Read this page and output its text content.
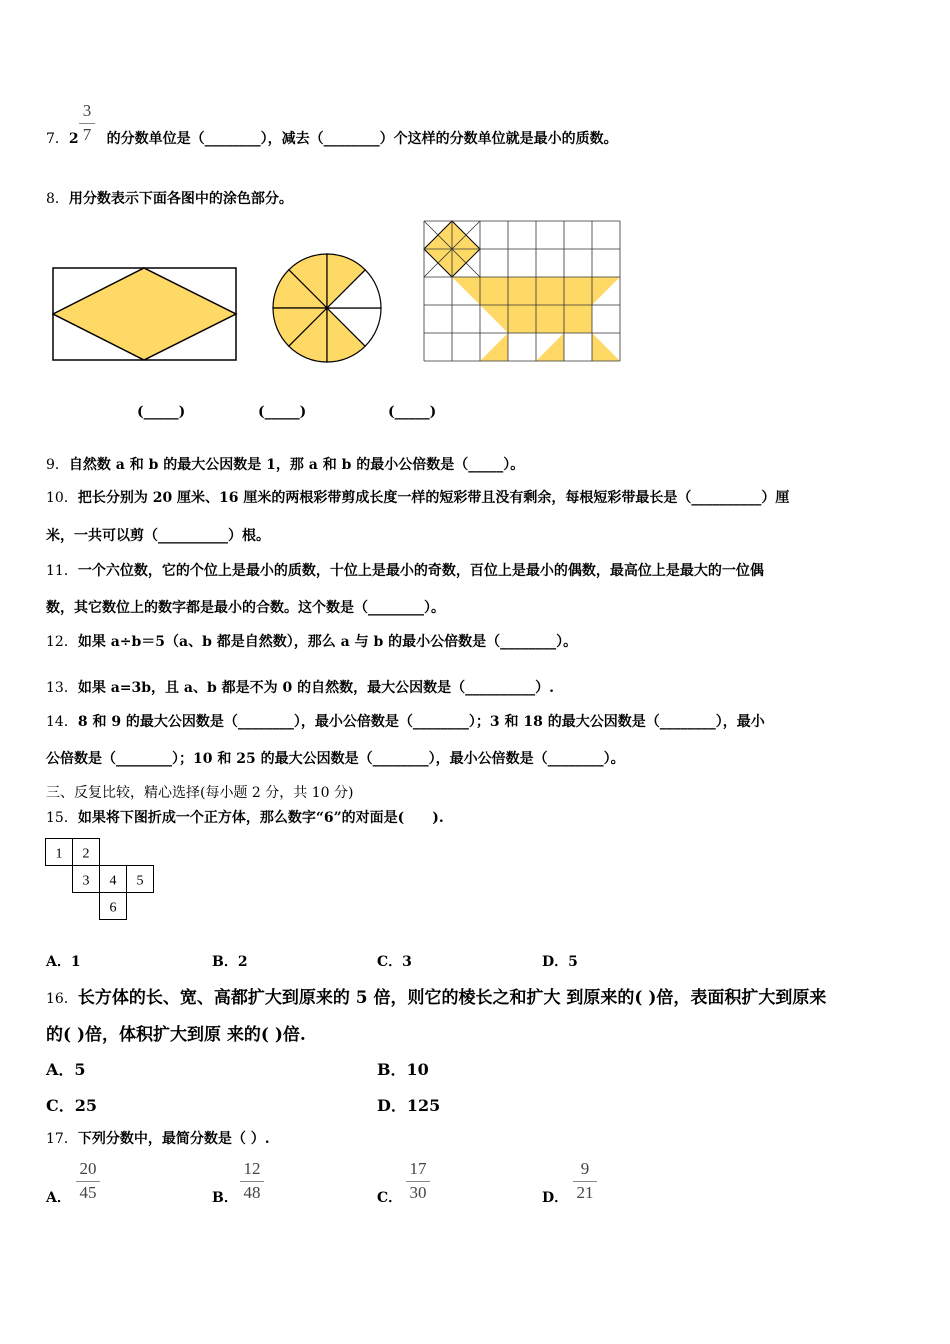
3
7
7．2 的分数单位是（________），减去（________）个这样的分数单位就是最小的质数。
8．用分数表示下面各图中的涂色部分。
(_____)	(_____)	(_____)
9．自然数 a 和 b 的最大公因数是 1，那 a 和 b 的最小公倍数是（_____）。
10．把长分别为 20 厘米、16 厘米的两根彩带剪成长度一样的短彩带且没有剩余，每根短彩带最长是（__________）厘
米，一共可以剪（__________）根。
11．一个六位数，它的个位上是最小的质数，十位上是最小的奇数，百位上是最小的偶数，最高位上是最大的一位偶
数，其它数位上的数字都是最小的合数。这个数是（________）。
12．如果 a÷b＝5（a、b 都是自然数），那么 a 与 b 的最小公倍数是（________）。
13．如果 a=3b，且 a、b 都是不为 0 的自然数，最大公因数是（__________）.
14．8 和 9 的最大公因数是（________），最小公倍数是（________）；3 和 18 的最大公因数是（________），最小
公倍数是（________）；10 和 25 的最大公因数是（________），最小公倍数是（________）。
三、反复比较，精心选择(每小题 2 分，共 10 分)
15．如果将下图折成一个正方体，那么数字“6”的对面是(　　).
1 2
3 4 5
6
A．1	B．2	C．3	D．5
16．长方体的长、宽、高都扩大到原来的 5 倍，则它的棱长之和扩大 到原来的( )倍，表面积扩大到原来
的( )倍，体积扩大到原 来的( )倍.
A．5	B．10
C．25	D．125
17．下列分数中，最简分数是（ ）.
A．
20
45	B．
12
48	C．
17
30	D．
9
21
